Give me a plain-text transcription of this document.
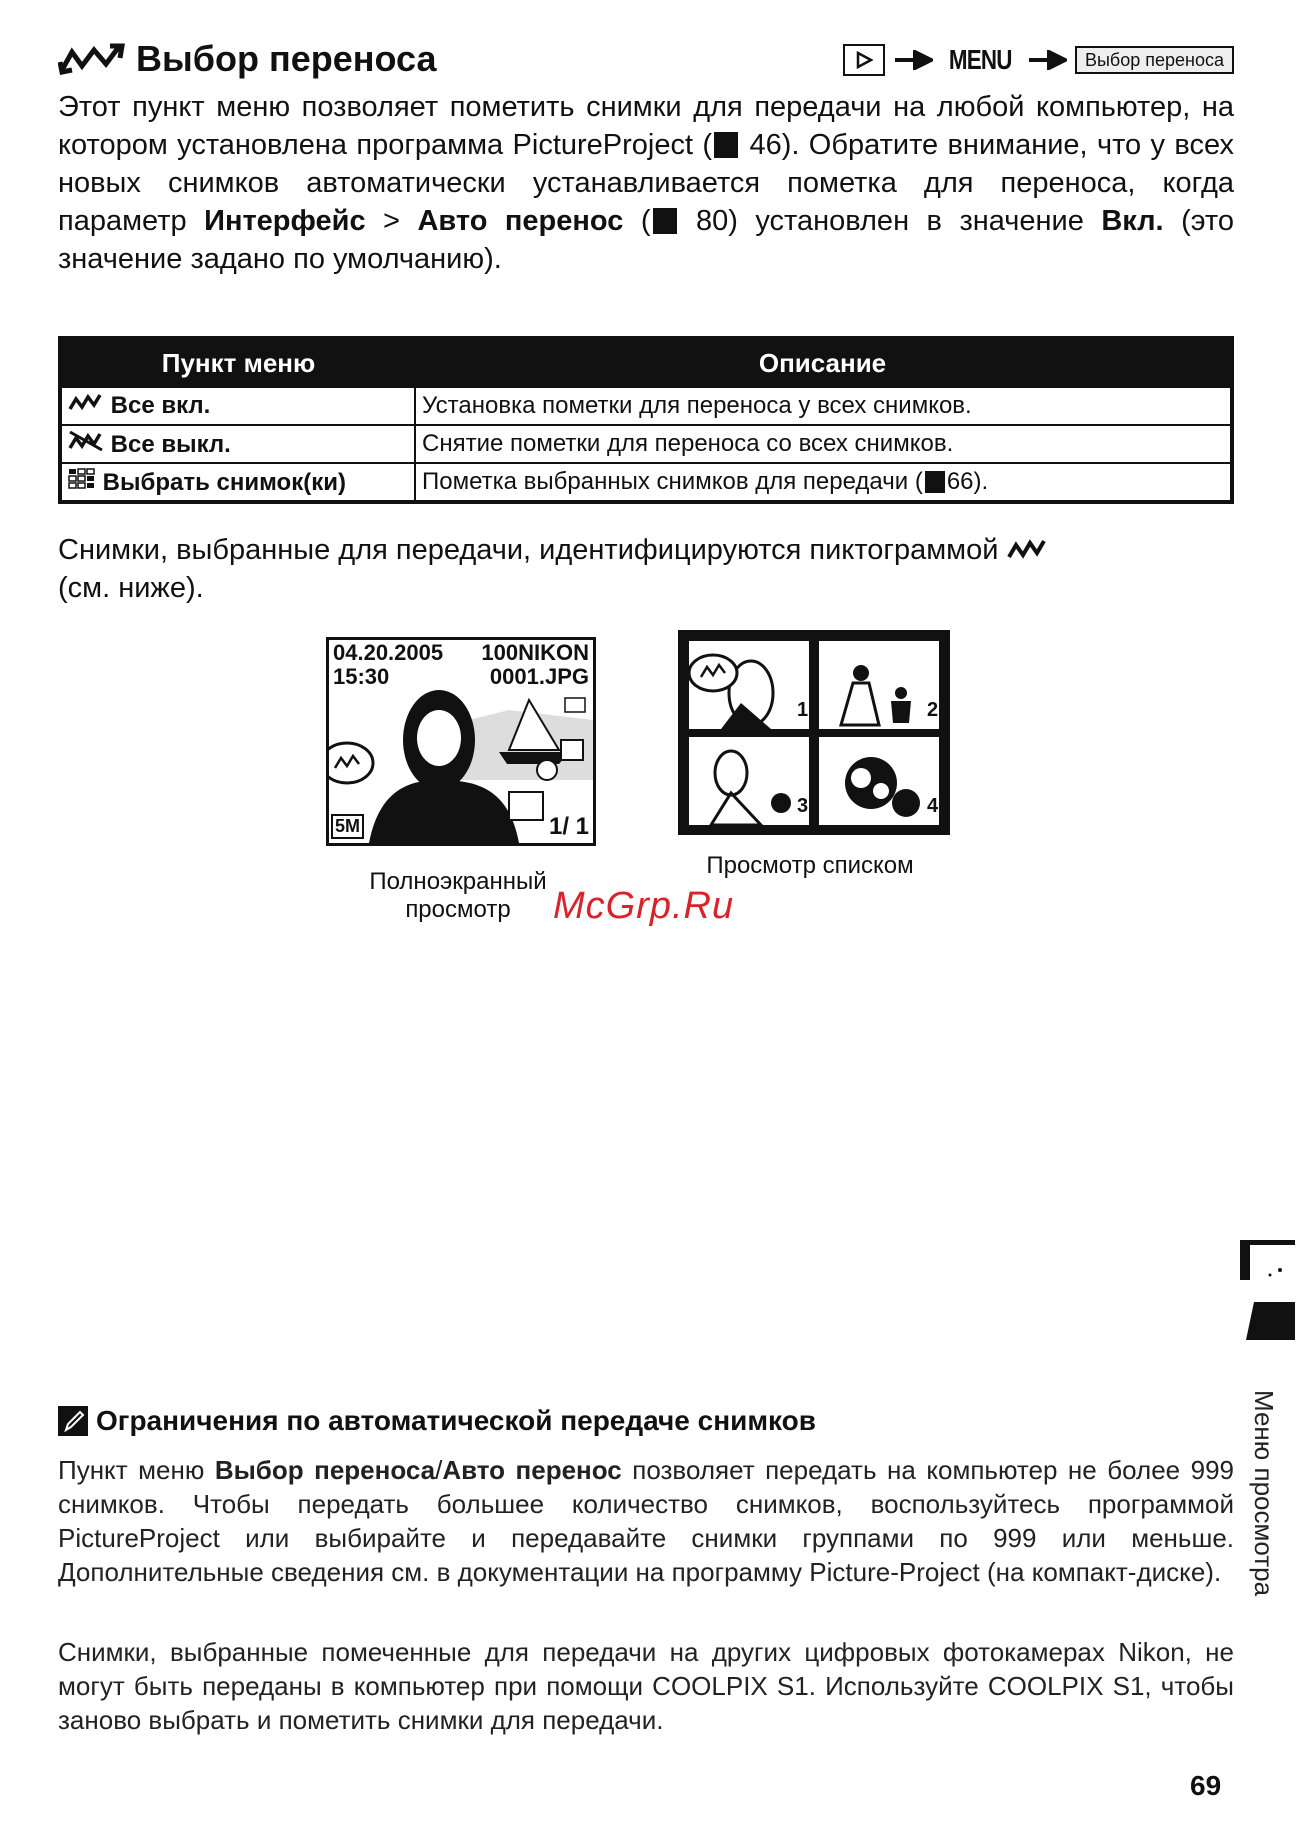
Выбор переноса	MENU	Выбор переноса
Этот пункт меню позволяет пометить снимки для передачи на любой компьютер, на котором установлена программа PictureProject ( 46). Обратите внимание, что у всех новых снимков автоматически устанавливается пометка для переноса, когда параметр Интерфейс > Авто перенос ( 80) установлен в значение Вкл. (это значение задано по умолчанию).
Пункт меню	Описание
Все вкл.	Установка пометки для переноса у всех снимков.
Все выкл.	Снятие пометки для переноса со всех снимков.
Выбрать снимок(ки)	Пометка выбранных снимков для передачи ( 66).
Снимки, выбранные для передачи, идентифицируются пиктограммой
(см. ниже).
04.20.2005
15:30
100NIKON
0001.JPG
5M	1/ 1
Полноэкранный просмотр
1	2
3	4
Просмотр списком
McGrp.Ru
Меню просмотра
Ограничения по автоматической передаче снимков
Пункт меню Выбор переноса/Авто перенос позволяет передать на компьютер не более 999 снимков. Чтобы передать большее количество снимков, воспользуйтесь программой PictureProject или выбирайте и передавайте снимки группами по 999 или меньше. Дополнительные сведения см. в документации на программу Picture-Project (на компакт-диске).
Снимки, выбранные помеченные для передачи на других цифровых фотокамерах Nikon, не могут быть переданы в компьютер при помощи COOLPIX S1. Используйте COOLPIX S1, чтобы заново выбрать и пометить снимки для передачи.
69
